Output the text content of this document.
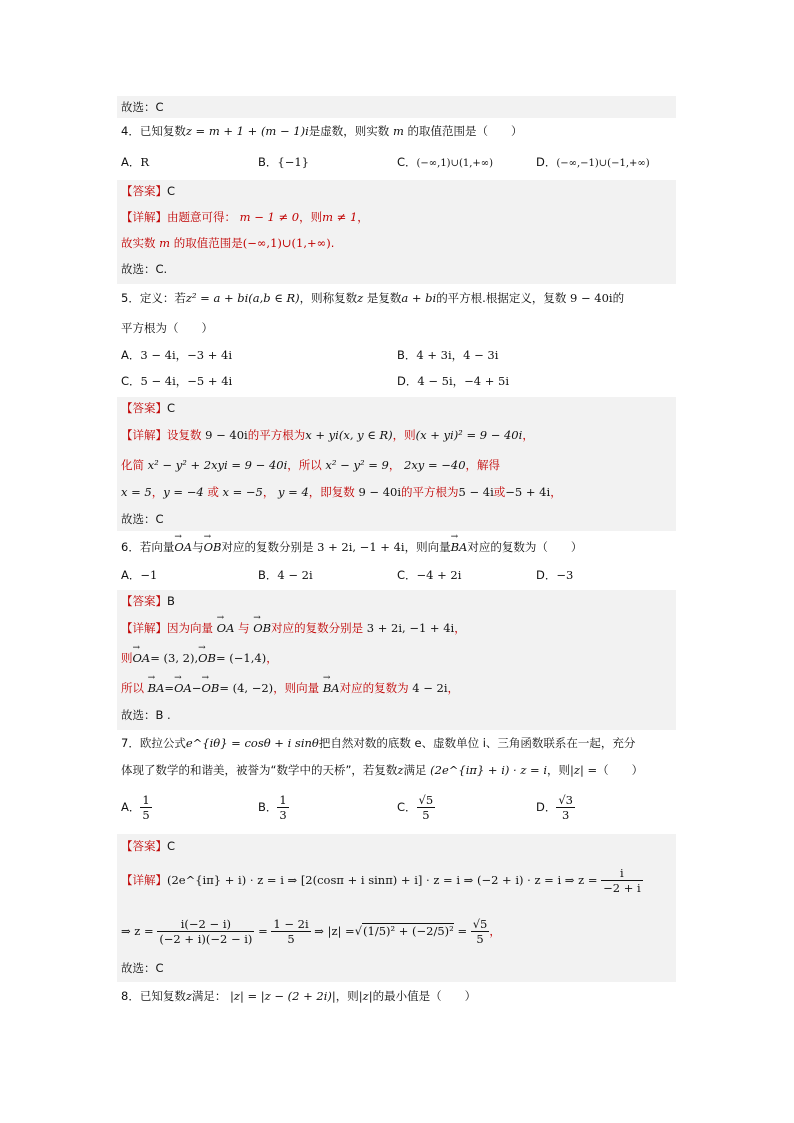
故选：C
4．已知复数z = m + 1 + (m − 1)i是虚数，则实数 m 的取值范围是（　　）
A．R	B．{−1}	C．(−∞,1)∪(1,+∞)	D．(−∞,−1)∪(−1,+∞)
【答案】C
【详解】由题意可得： m − 1 ≠ 0，则m ≠ 1，
故实数 m 的取值范围是(−∞,1)∪(1,+∞).
故选：C.
5．定义：若z² = a + bi(a,b ∈ R)，则称复数z 是复数a + bi的平方根.根据定义，复数 9 − 40i的
平方根为（　　）
A．3 − 4i，−3 + 4i	B．4 + 3i，4 − 3i
C．5 − 4i，−5 + 4i	D．4 − 5i，−4 + 5i
【答案】C
【详解】设复数 9 − 40i的平方根为x + yi(x, y ∈ R)，则(x + yi)² = 9 − 40i，
化简 x² − y² + 2xyi = 9 − 40i，所以 x² − y² = 9， 2xy = −40，解得
x = 5，y = −4 或 x = −5， y = 4，即复数 9 − 40i的平方根为5 − 4i或−5 + 4i，
故选：C
6．若向量→ OA与→ OB对应的复数分别是 3 + 2i, −1 + 4i，则向量→ BA对应的复数为（　　）
A．−1	B．4 − 2i	C．−4 + 2i	D．−3
【答案】B
【详解】因为向量 → OA 与 → OB对应的复数分别是 3 + 2i, −1 + 4i，
则→ OA= (3, 2),→ OB= (−1,4)，
所以 → BA=→ OA−→ OB= (4, −2)，则向量 → BA对应的复数为 4 − 2i，
故选：B .
7．欧拉公式e^{iθ} = cosθ + i sinθ把自然对数的底数 e、虚数单位 i、三角函数联系在一起，充分
体现了数学的和谐美，被誉为“数学中的天桥”，若复数z满足 (2e^{iπ} + i) · z = i，则|z| =（　　）
A． $\frac{1}{5}$	B． $\frac{1}{3}$	C． $\frac{√5}{5}$	D． $\frac{√3}{3}$
【答案】C
【详解】(2e^{iπ} + i) · z = i ⇒ [2(cosπ + i sinπ) + i] · z = i ⇒ (−2 + i) · z = i ⇒ $z = \frac{i}{-2 + i}$
⇒ $z = \frac{i(-2 - i)}{(-2 + i)(-2 - i)} = \frac{1 - 2i}{5}$ ⇒ $|z| =√(1/5)^2 + (-2/5)^2 = \frac{√5}{5}$ ，
故选：C
8．已知复数z满足： |z| = |z − (2 + 2i)|，则|z|的最小值是（　　）
